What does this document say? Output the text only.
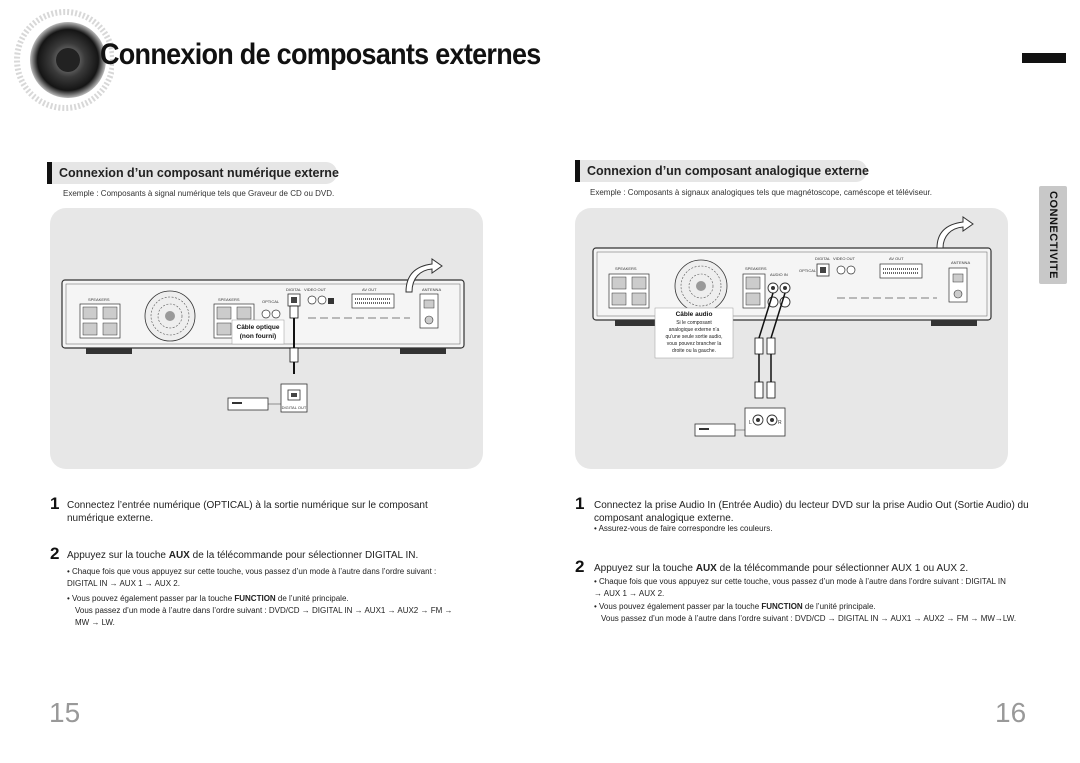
Connexion de composants externes
CONNECTIVITE
Connexion d’un composant numérique externe
Exemple : Composants à signal numérique tels que Graveur de CD ou DVD.
SPEAKERS	SPEAKERS
DIGITAL
OPTICAL
VIDEO OUT	AV OUT	ANTENNA
Câble optique
(non fourni)
DIGITAL OUT
1 Connectez l’entrée numérique (OPTICAL) à la sortie numérique sur le composant numérique externe.
2 Appuyez sur la touche AUX de la télécommande pour sélectionner DIGITAL IN.
• Chaque fois que vous appuyez sur cette touche, vous passez d’un mode à l’autre dans l’ordre suivant : DIGITAL IN → AUX 1 → AUX 2.
• Vous pouvez également passer par la touche FUNCTION de l’unité principale.
Vous passez d’un mode à l’autre dans l’ordre suivant : DVD/CD → DIGITAL IN → AUX1 → AUX2 → FM → MW → LW.
15
Connexion d’un composant analogique externe
Exemple : Composants à signaux analogiques tels que magnétoscope, caméscope et téléviseur.
SPEAKERS	SPEAKERS
AUDIO IN
DIGITAL
OPTICAL
VIDEO OUT	AV OUT
ANTENNA
Câble audio
Si le composant
analogique externe n’a
qu’une seule sortie audio,
vous pouvez brancher la
droite ou la gauche.
L	R
1 Connectez la prise Audio In (Entrée Audio) du lecteur DVD sur la prise Audio Out (Sortie Audio) du composant analogique externe.
• Assurez-vous de faire correspondre les couleurs.
2 Appuyez sur la touche AUX de la télécommande pour sélectionner AUX 1 ou AUX 2.
• Chaque fois que vous appuyez sur cette touche, vous passez d’un mode à l’autre dans l’ordre suivant : DIGITAL IN → AUX 1 → AUX 2.
• Vous pouvez également passer par la touche FUNCTION de l’unité principale.
Vous passez d’un mode à l’autre dans l’ordre suivant : DVD/CD → DIGITAL IN → AUX1 → AUX2 → FM → MW→LW.
16
